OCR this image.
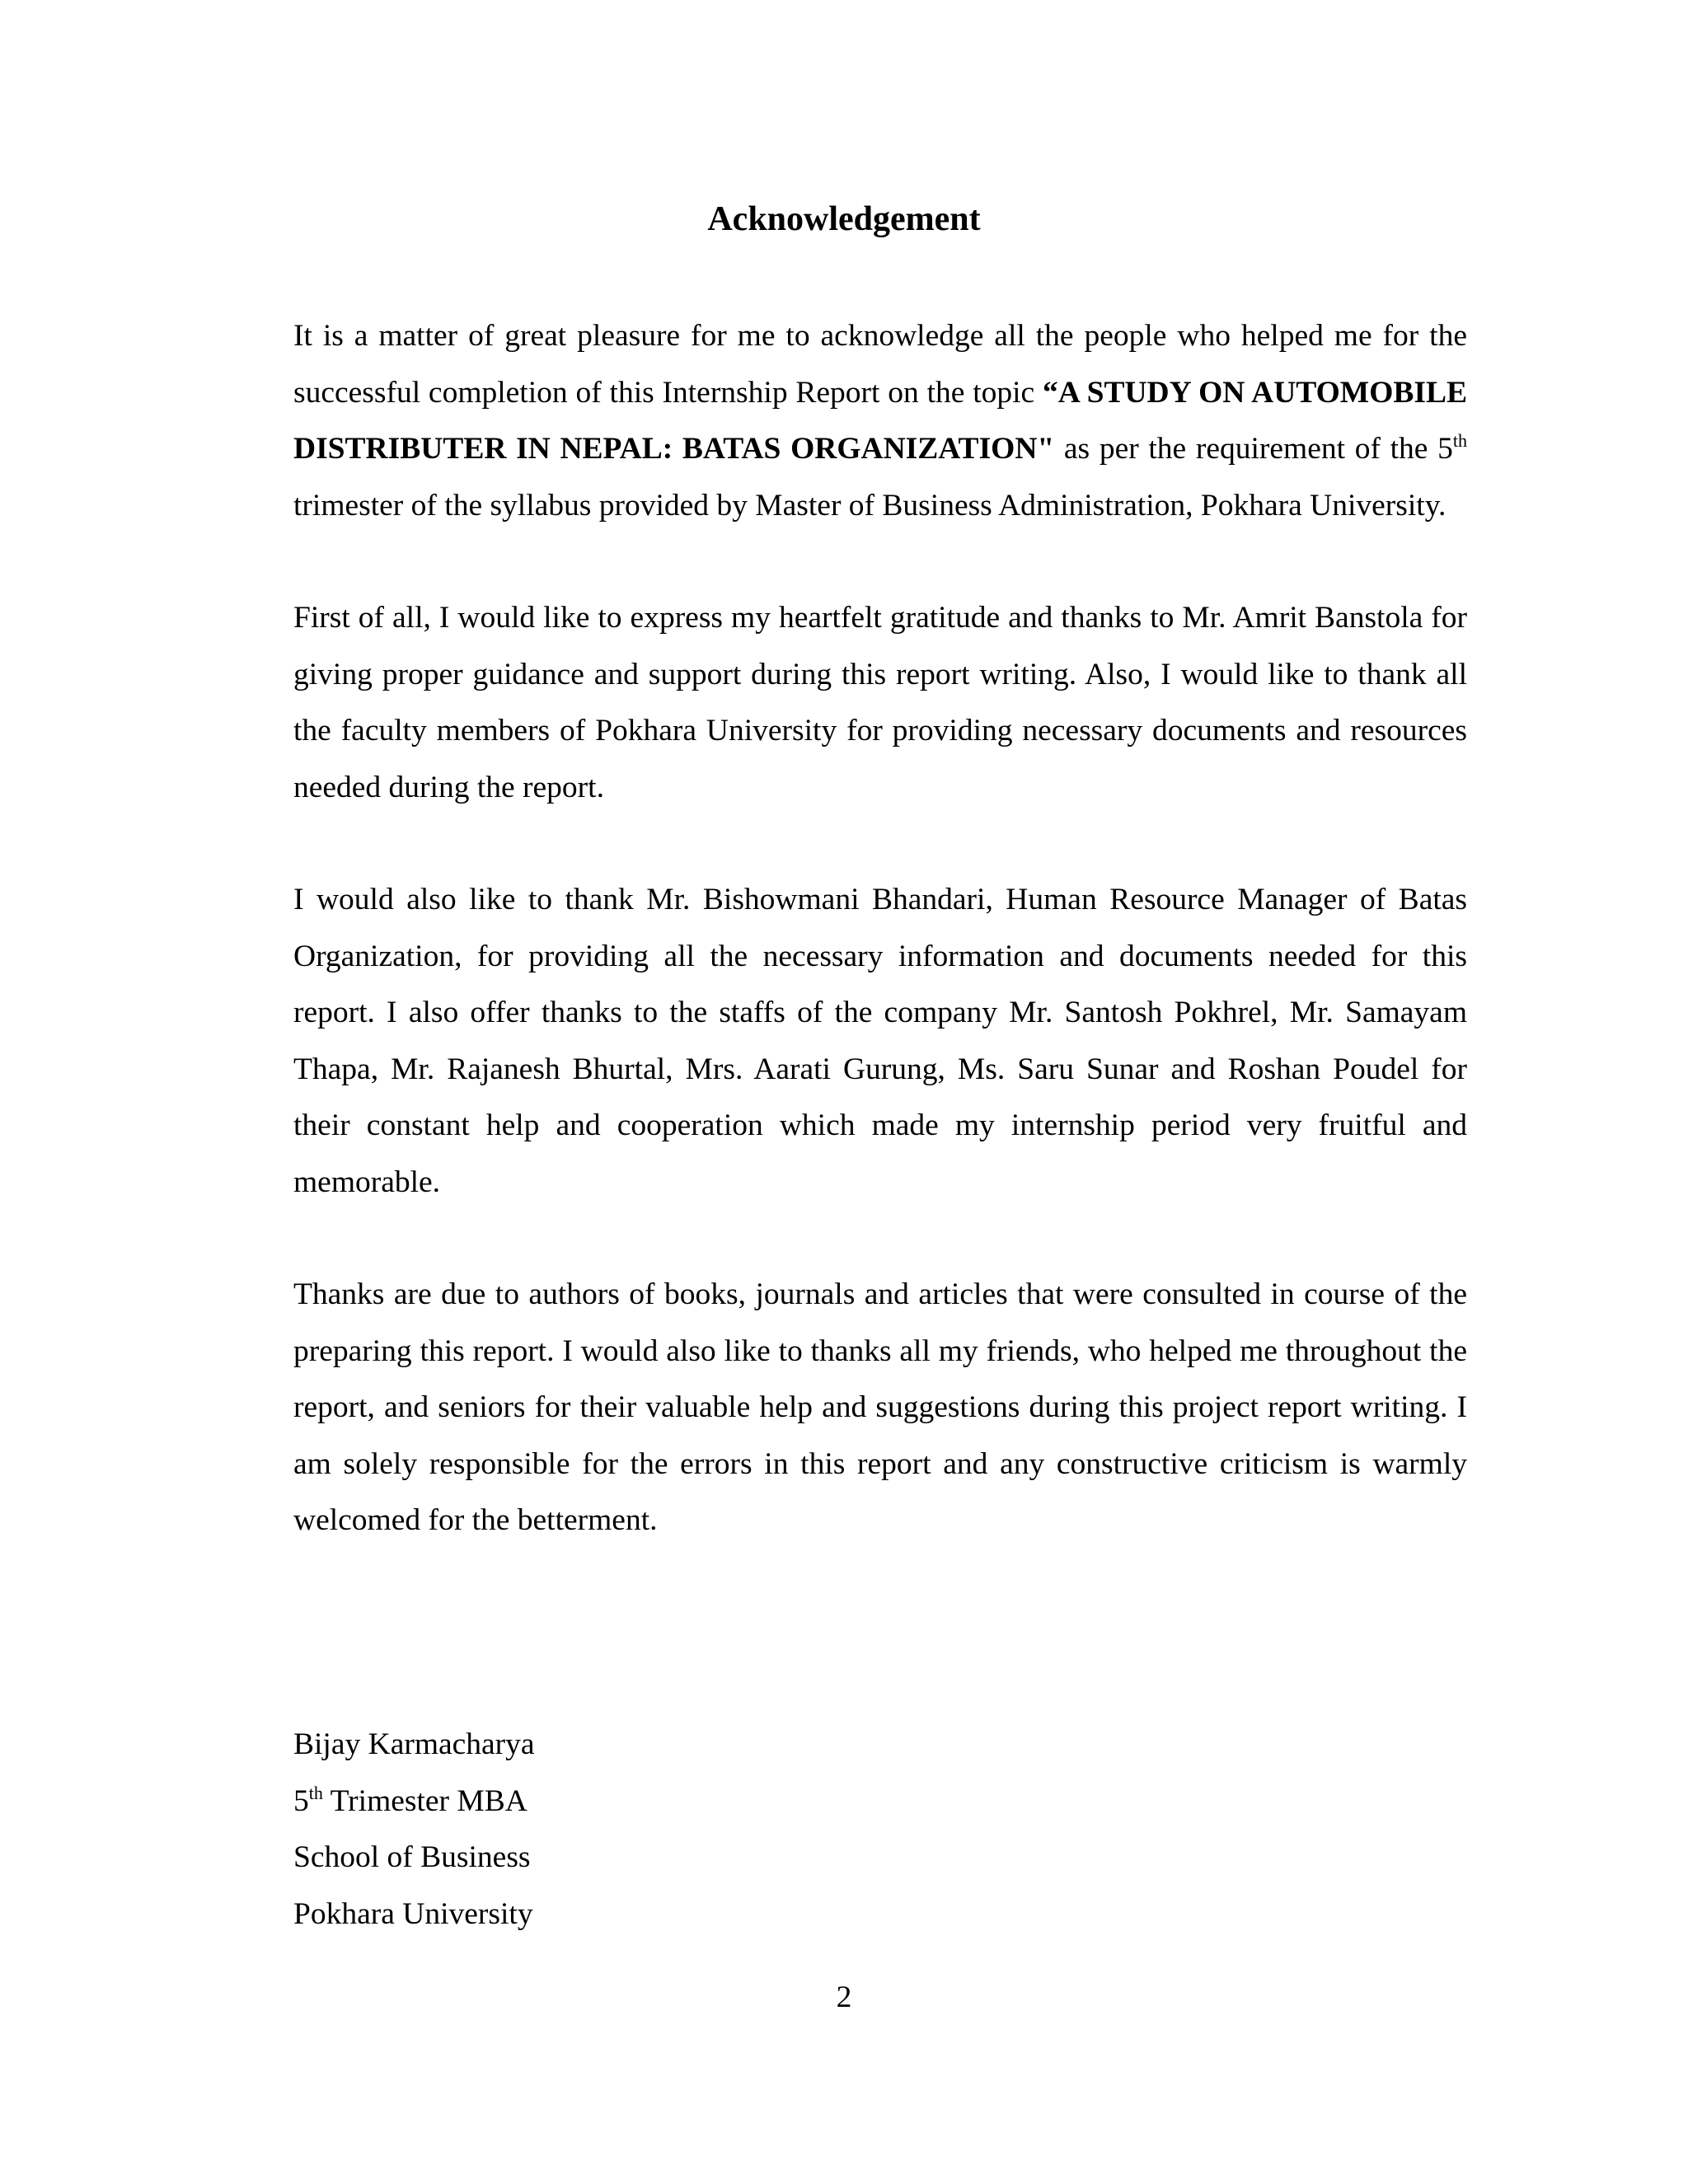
Acknowledgement

It is a matter of great pleasure for me to acknowledge all the people who helped me for the successful completion of this Internship Report on the topic “A STUDY ON AUTOMOBILE DISTRIBUTER IN NEPAL: BATAS ORGANIZATION" as per the requirement of the 5th trimester of the syllabus provided by Master of Business Administration, Pokhara University.

First of all, I would like to express my heartfelt gratitude and thanks to Mr. Amrit Banstola for giving proper guidance and support during this report writing. Also, I would like to thank all the faculty members of Pokhara University for providing necessary documents and resources needed during the report.

I would also like to thank Mr. Bishowmani Bhandari, Human Resource Manager of Batas Organization, for providing all the necessary information and documents needed for this report. I also offer thanks to the staffs of the company Mr. Santosh Pokhrel, Mr. Samayam Thapa, Mr. Rajanesh Bhurtal, Mrs. Aarati Gurung, Ms. Saru Sunar and Roshan Poudel for their constant help and cooperation which made my internship period very fruitful and memorable.

Thanks are due to authors of books, journals and articles that were consulted in course of the preparing this report. I would also like to thanks all my friends, who helped me throughout the report, and seniors for their valuable help and suggestions during this project report writing. I am solely responsible for the errors in this report and any constructive criticism is warmly welcomed for the betterment.

Bijay Karmacharya
5th Trimester MBA
School of Business
Pokhara University
2
